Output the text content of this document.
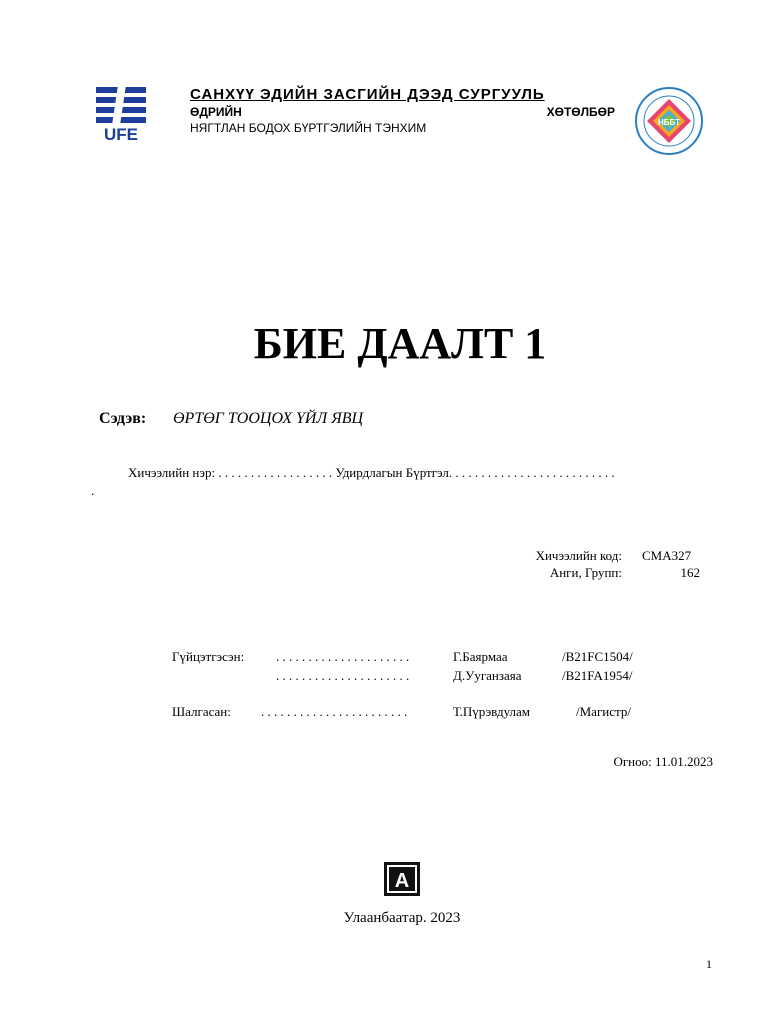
UFE
САНХҮҮ ЭДИЙН ЗАСГИЙН ДЭЭД СУРГУУЛЬ
ӨДРИЙН	ХӨТӨЛБӨР
НЯГТЛАН БОДОХ БҮРТГЭЛИЙН ТЭНХИМ	НББТ
БИЕ ДААЛТ 1
Сэдэв: ӨРТӨГ ТООЦОХ ҮЙЛ ЯВЦ
Хичээлийн нэр: . . . . . . . . . . . . . . . . . . Удирдлагын Бүртгэл. . . . . . . . . . . . . . . . . . . . . . . . . .
.
Хичээлийн код: CMA327
Анги, Групп:	162
Гүйцэтгэсэн: . . . . . . . . . . . . . . . . . . . . .	Г.Баярмаа	/B21FC1504/
. . . . . . . . . . . . . . . . . . . . .	Д.Ууганзаяа	/B21FA1954/
Шалгасан: . . . . . . . . . . . . . . . . . . . . . . .	Т.Пүрэвдулам	/Магистр/
Огноо: 11.01.2023
A
Улаанбаатар. 2023
1
